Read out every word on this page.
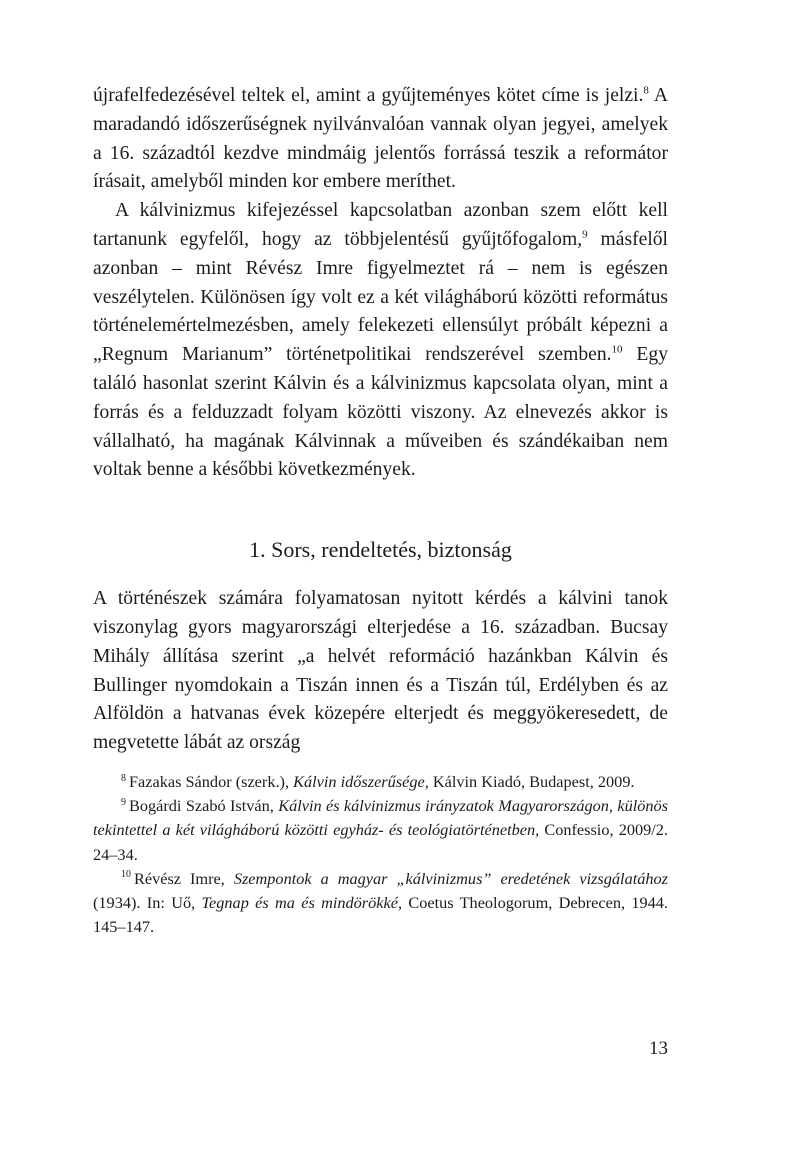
újrafelfedezésével teltek el, amint a gyűjteményes kötet címe is jelzi.$^8$ A maradandó időszerűségnek nyilvánvalóan vannak olyan jegyei, amelyek a 16. századtól kezdve mindmáig jelentős forrássá teszik a reformátor írásait, amelyből minden kor embere meríthet.

A kálvinizmus kifejezéssel kapcsolatban azonban szem előtt kell tartanunk egyfelől, hogy az többjelentésű gyűjtőfogalom,$^9$ másfelől azonban – mint Révész Imre figyelmeztet rá – nem is egészen veszélytelen. Különösen így volt ez a két világháború közötti református történelemértelmezésben, amely felekezeti ellensúlyt próbált képezni a „Regnum Marianum” történetpolitikai rendszerével szemben.$^{10}$ Egy találó hasonlat szerint Kálvin és a kálvinizmus kapcsolata olyan, mint a forrás és a felduzzadt folyam közötti viszony. Az elnevezés akkor is vállalható, ha magának Kálvinnak a műveiben és szándékaiban nem voltak benne a későbbi következmények.

1. Sors, rendeltetés, biztonság

A történészek számára folyamatosan nyitott kérdés a kálvini tanok viszonylag gyors magyarországi elterjedése a 16. században. Bucsay Mihály állítása szerint „a helvét reformáció hazánkban Kálvin és Bullinger nyomdokain a Tiszán innen és a Tiszán túl, Erdélyben és az Alföldön a hatvanas évek közepére elterjedt és meggyökeresedett, de megvetette lábát az ország

$^8$ Fazakas Sándor (szerk.), Kálvin időszerűsége, Kálvin Kiadó, Budapest, 2009.

$^9$ Bogárdi Szabó István, Kálvin és kálvinizmus irányzatok Magyarországon, különös tekintettel a két világháború közötti egyház- és teológiatörténetben, Confessio, 2009/2. 24–34.

$^{10}$ Révész Imre, Szempontok a magyar „kálvinizmus” eredetének vizsgálatához (1934). In: Uő, Tegnap és ma és mindörökké, Coetus Theologorum, Debrecen, 1944. 145–147.

13
